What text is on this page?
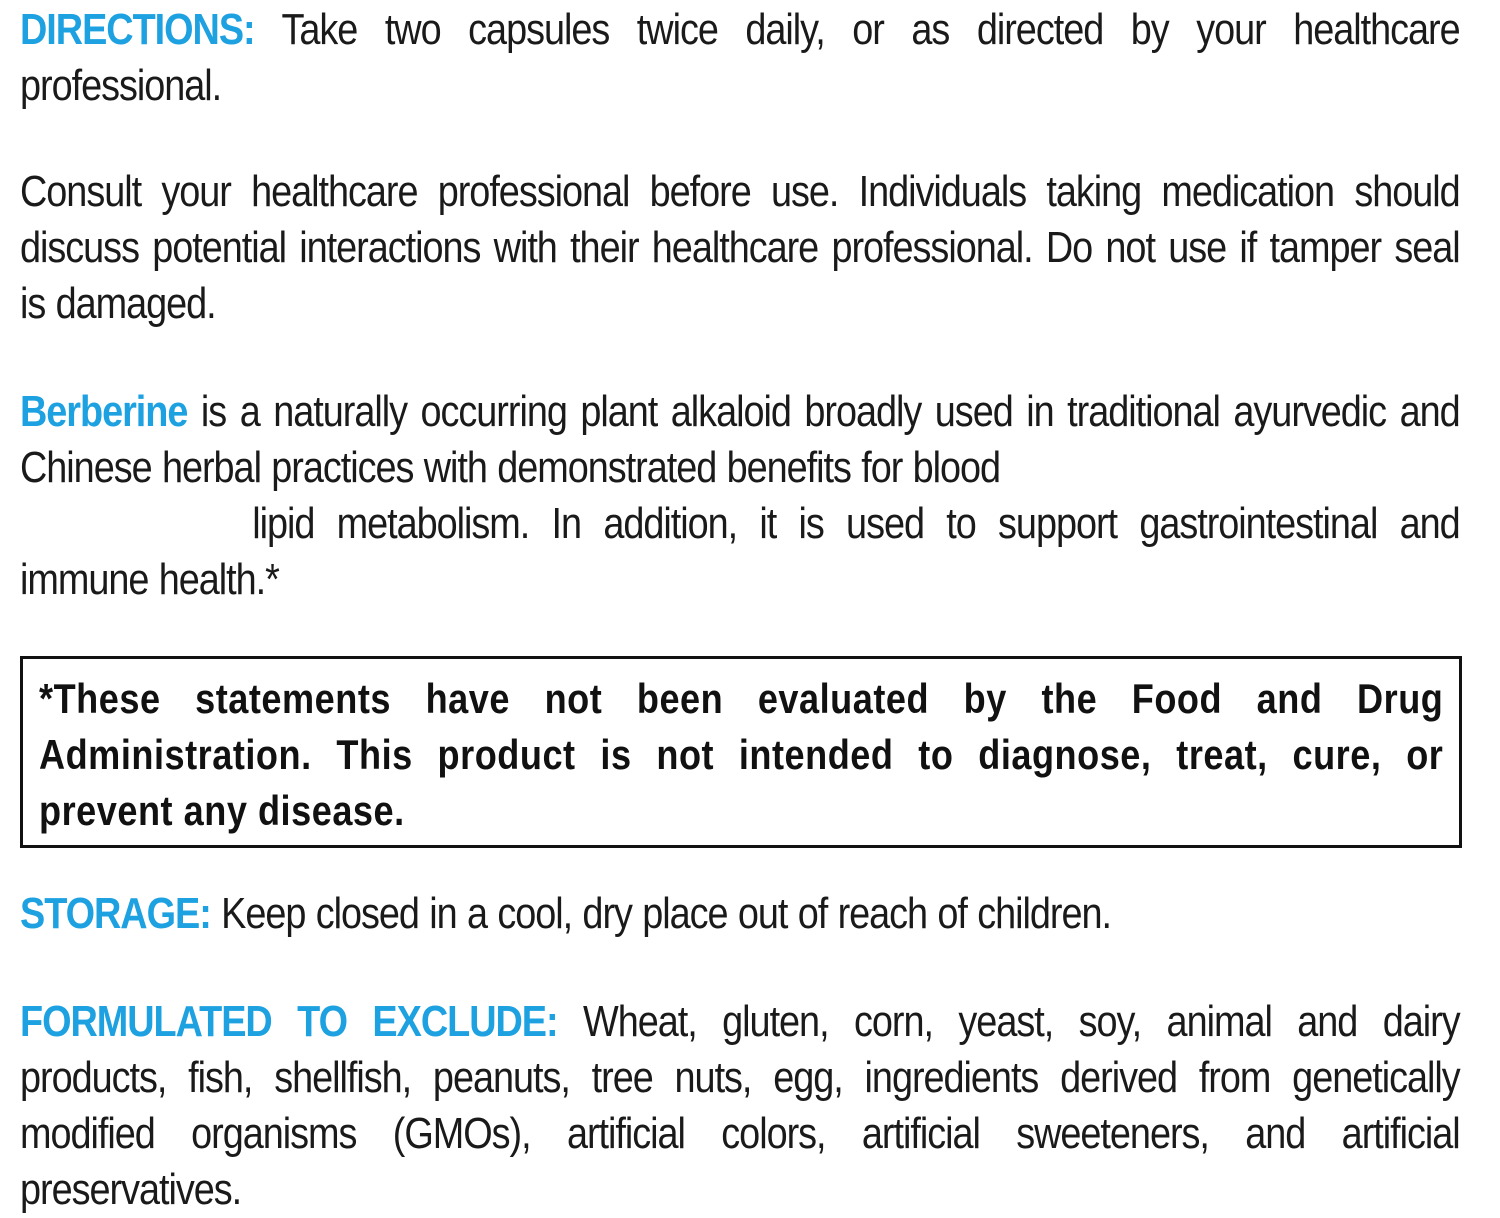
DIRECTIONS: Take two capsules twice daily, or as directed by your healthcare professional.

Consult your healthcare professional before use. Individuals taking medication should discuss potential interactions with their healthcare professional. Do not use if tamper seal is damaged.

Berberine is a naturally occurring plant alkaloid broadly used in traditional ayurvedic and Chinese herbal practices with demonstrated benefits for blood
lipid metabolism. In addition, it is used to support gastrointestinal and immune health.*

*These statements have not been evaluated by the Food and Drug Administration. This product is not intended to diagnose, treat, cure, or prevent any disease.

STORAGE: Keep closed in a cool, dry place out of reach of children.

FORMULATED TO EXCLUDE: Wheat, gluten, corn, yeast, soy, animal and dairy products, fish, shellfish, peanuts, tree nuts, egg, ingredients derived from genetically modified organisms (GMOs), artificial colors, artificial sweeteners, and artificial preservatives.
